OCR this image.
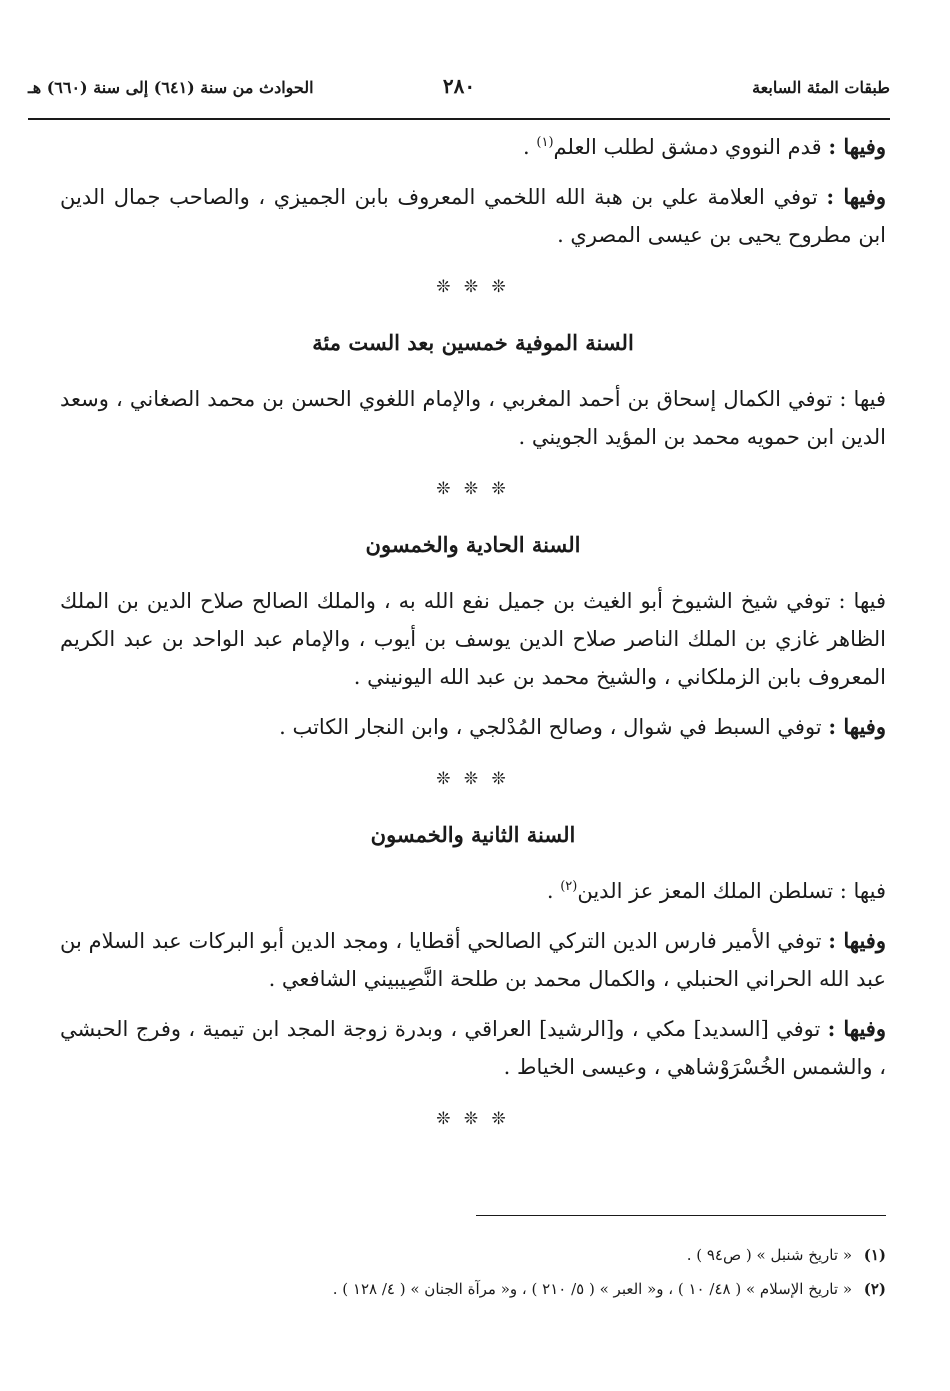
طبقات المئة السابعة
٢٨٠
الحوادث من سنة (٦٤١) إلى سنة (٦٦٠) هـ

وفيها : قدم النووي دمشق لطلب العلم$^{(١)}$ .

وفيها : توفي العلامة علي بن هبة الله اللخمي المعروف بابن الجميزي ، والصاحب جمال الدين ابن مطروح يحيى بن عيسى المصري .

❊ ❊ ❊
السنة الموفية خمسين بعد الست مئة

فيها : توفي الكمال إسحاق بن أحمد المغربي ، والإمام اللغوي الحسن بن محمد الصغاني ، وسعد الدين ابن حمويه محمد بن المؤيد الجويني .

❊ ❊ ❊
السنة الحادية والخمسون

فيها : توفي شيخ الشيوخ أبو الغيث بن جميل نفع الله به ، والملك الصالح صلاح الدين بن الملك الظاهر غازي بن الملك الناصر صلاح الدين يوسف بن أيوب ، والإمام عبد الواحد بن عبد الكريم المعروف بابن الزملكاني ، والشيخ محمد بن عبد الله اليونيني .

وفيها : توفي السبط في شوال ، وصالح المُدْلجي ، وابن النجار الكاتب .

❊ ❊ ❊
السنة الثانية والخمسون

فيها : تسلطن الملك المعز عز الدين$^{(٢)}$ .

وفيها : توفي الأمير فارس الدين التركي الصالحي أقطايا ، ومجد الدين أبو البركات عبد السلام بن عبد الله الحراني الحنبلي ، والكمال محمد بن طلحة النَّصِيبيني الشافعي .

وفيها : توفي [السديد] مكي ، و[الرشيد] العراقي ، وبدرة زوجة المجد ابن تيمية ، وفرج الحبشي ، والشمس الخُسْرَوْشاهي ، وعيسى الخياط .

❊ ❊ ❊
(١)« تاريخ شنبل » ( ص٩٤ ) .
(٢)« تاريخ الإسلام » ( ٤٨/ ١٠ ) ، و« العبر » ( ٥/ ٢١٠ ) ، و« مرآة الجنان » ( ٤/ ١٢٨ ) .
